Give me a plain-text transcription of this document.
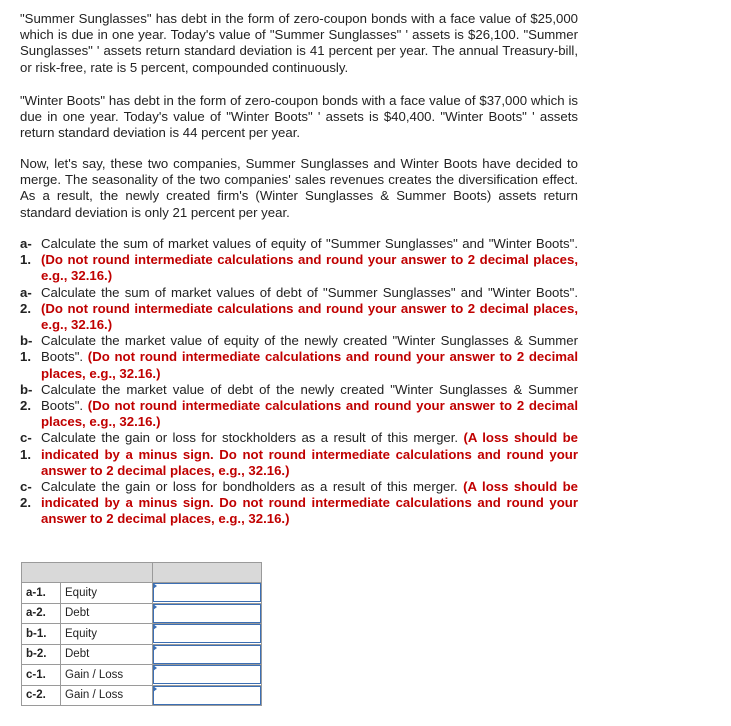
"Summer Sunglasses" has debt in the form of zero-coupon bonds with a face value of $25,000 which is due in one year. Today's value of "Summer Sunglasses" ' assets is $26,100. "Summer Sunglasses" ' assets return standard deviation is 41 percent per year. The annual Treasury-bill, or risk-free, rate is 5 percent, compounded continuously.

"Winter Boots" has debt in the form of zero-coupon bonds with a face value of $37,000 which is due in one year. Today's value of "Winter Boots" ' assets is $40,400. "Winter Boots" ' assets return standard deviation is 44 percent per year.

Now, let's say, these two companies, Summer Sunglasses and Winter Boots have decided to merge. The seasonality of the two companies' sales revenues creates the diversification effect. As a result, the newly created firm's (Winter Sunglasses & Summer Boots) assets return standard deviation is only 21 percent per year.

a-1.
Calculate the sum of market values of equity of "Summer Sunglasses" and "Winter Boots". (Do not round intermediate calculations and round your answer to 2 decimal places, e.g., 32.16.)
a-2.
Calculate the sum of market values of debt of "Summer Sunglasses" and "Winter Boots". (Do not round intermediate calculations and round your answer to 2 decimal places, e.g., 32.16.)
b-1.
Calculate the market value of equity of the newly created "Winter Sunglasses & Summer Boots". (Do not round intermediate calculations and round your answer to 2 decimal places, e.g., 32.16.)
b-2.
Calculate the market value of debt of the newly created "Winter Sunglasses & Summer Boots". (Do not round intermediate calculations and round your answer to 2 decimal places, e.g., 32.16.)
c-1.
Calculate the gain or loss for stockholders as a result of this merger. (A loss should be indicated by a minus sign. Do not round intermediate calculations and round your answer to 2 decimal places, e.g., 32.16.)
c-2.
Calculate the gain or loss for bondholders as a result of this merger. (A loss should be indicated by a minus sign. Do not round intermediate calculations and round your answer to 2 decimal places, e.g., 32.16.)

a-1.	Equity	

a-2.	Debt	

b-1.	Equity	

b-2.	Debt	

c-1.	Gain / Loss	

c-2.	Gain / Loss	
